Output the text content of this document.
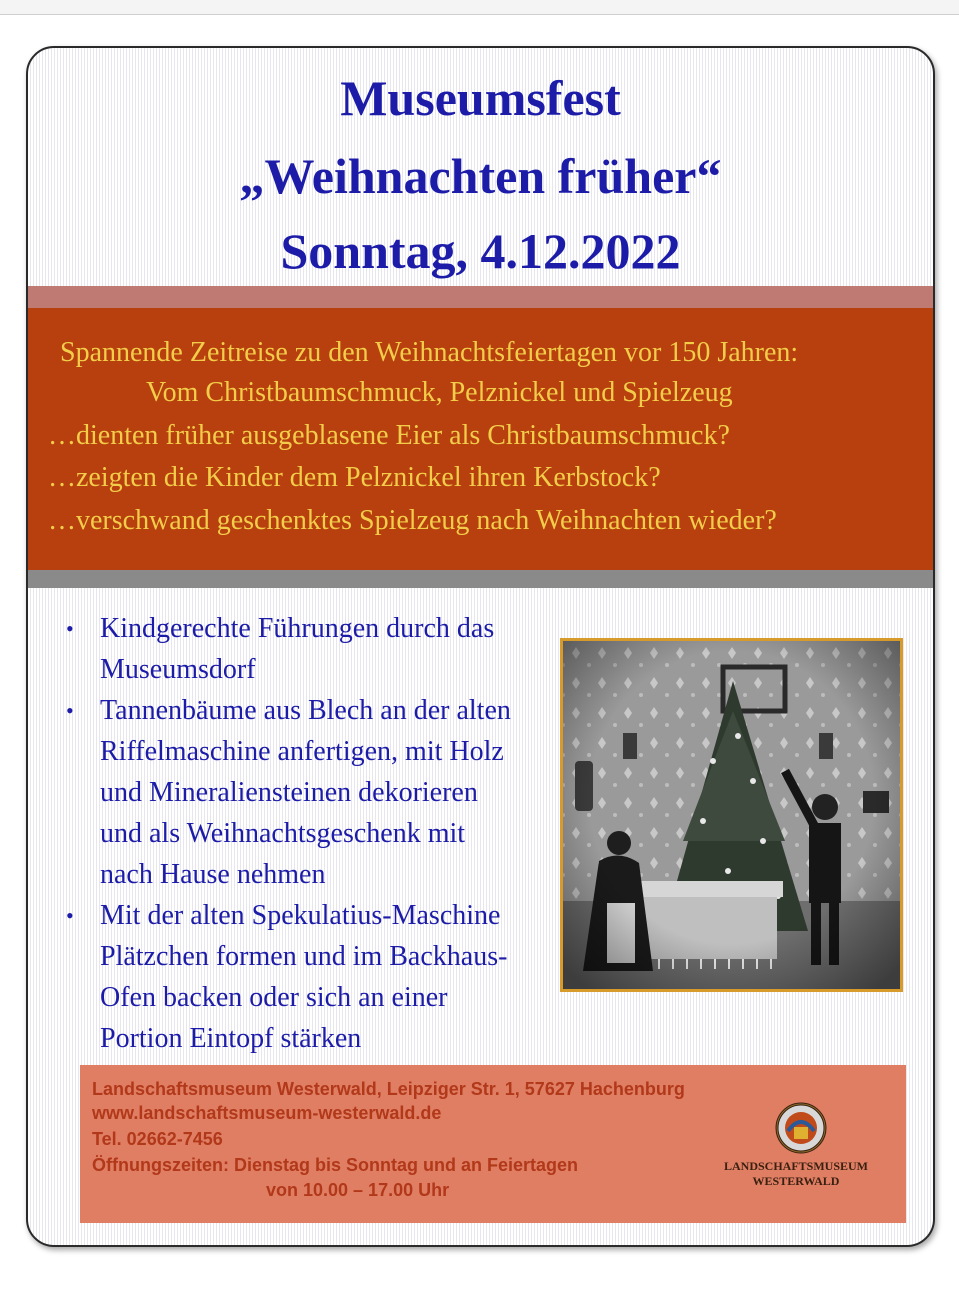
Museumsfest
„Weihnachten früher“
Sonntag, 4.12.2022
Spannende Zeitreise zu den Weihnachtsfeiertagen vor 150 Jahren:
Vom Christbaumschmuck, Pelznickel und Spielzeug
…dienten früher ausgeblasene Eier als Christbaumschmuck?
…zeigten die Kinder dem Pelznickel ihren Kerbstock?
…verschwand geschenktes Spielzeug nach Weihnachten wieder?
• Kindgerechte Führungen durch das
Museumsdorf
• Tannenbäume aus Blech an der alten
Riffelmaschine anfertigen, mit Holz
und Mineraliensteinen dekorieren
und als Weihnachtsgeschenk mit
nach Hause nehmen
• Mit der alten Spekulatius-Maschine
Plätzchen formen und im Backhaus-
Ofen backen oder sich an einer
Portion Eintopf stärken
Landschaftsmuseum Westerwald, Leipziger Str. 1, 57627 Hachenburg
www.landschaftsmuseum-westerwald.de
Tel. 02662-7456
Öffnungszeiten: Dienstag bis Sonntag und an Feiertagen
von 10.00 – 17.00 Uhr
LANDSCHAFTSMUSEUM
WESTERWALD
